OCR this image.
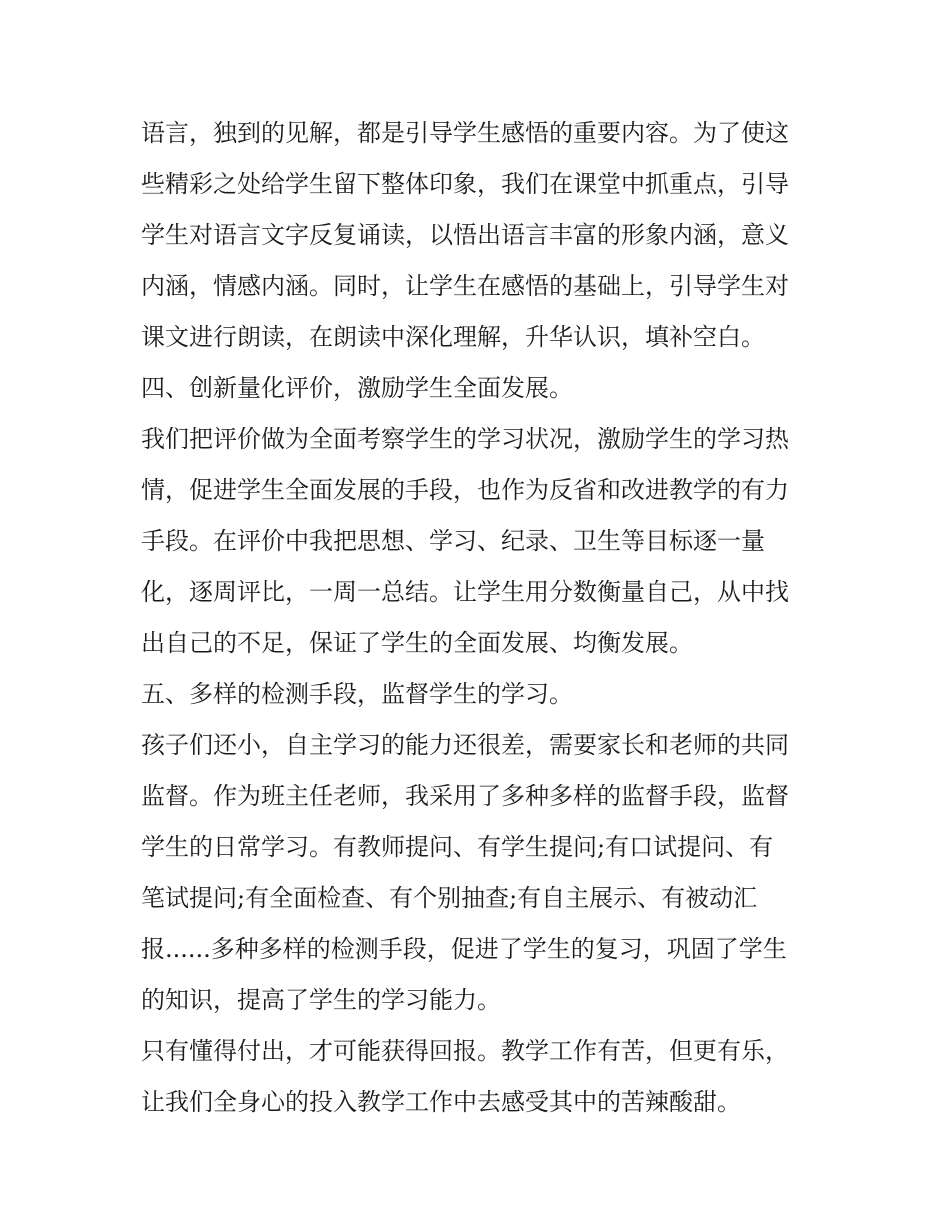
语言，独到的见解，都是引导学生感悟的重要内容。为了使这
些精彩之处给学生留下整体印象，我们在课堂中抓重点，引导
学生对语言文字反复诵读，以悟出语言丰富的形象内涵，意义
内涵，情感内涵。同时，让学生在感悟的基础上，引导学生对
课文进行朗读，在朗读中深化理解，升华认识，填补空白。
四、创新量化评价，激励学生全面发展。
我们把评价做为全面考察学生的学习状况，激励学生的学习热
情，促进学生全面发展的手段，也作为反省和改进教学的有力
手段。在评价中我把思想、学习、纪录、卫生等目标逐一量
化，逐周评比，一周一总结。让学生用分数衡量自己，从中找
出自己的不足，保证了学生的全面发展、均衡发展。
五、多样的检测手段，监督学生的学习。
孩子们还小，自主学习的能力还很差，需要家长和老师的共同
监督。作为班主任老师，我采用了多种多样的监督手段，监督
学生的日常学习。有教师提问、有学生提问;有口试提问、有
笔试提问;有全面检查、有个别抽查;有自主展示、有被动汇
报......多种多样的检测手段，促进了学生的复习，巩固了学生
的知识，提高了学生的学习能力。
只有懂得付出，才可能获得回报。教学工作有苦，但更有乐，
让我们全身心的投入教学工作中去感受其中的苦辣酸甜。
